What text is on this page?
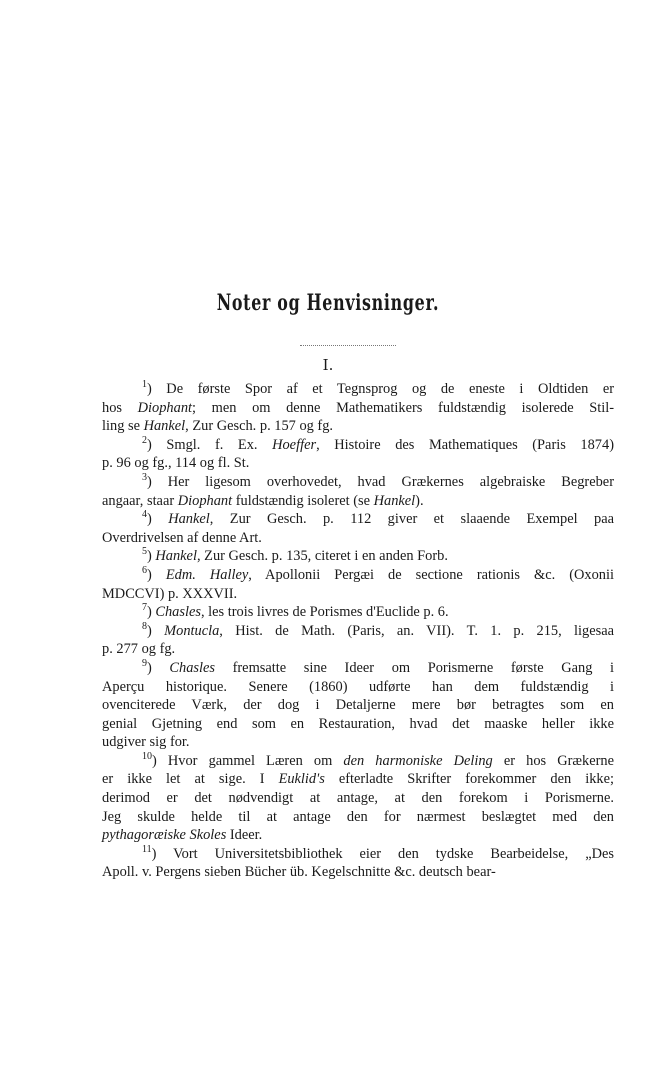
Noter og Henvisninger.
I.
$^1$) De første Spor af et Tegnsprog og de eneste i Oldtiden er
hos Diophant; men om denne Mathematikers fuldstændig isolerede Stil-
ling se Hankel, Zur Gesch. p. 157 og fg.
$^2$) Smgl. f. Ex. Hoeffer, Histoire des Mathematiques (Paris 1874)
p. 96 og fg., 114 og fl. St.
$^3$) Her ligesom overhovedet, hvad Grækernes algebraiske Begreber
angaar, staar Diophant fuldstændig isoleret (se Hankel).
$^4$) Hankel, Zur Gesch. p. 112 giver et slaaende Exempel paa
Overdrivelsen af denne Art.
$^5$) Hankel, Zur Gesch. p. 135, citeret i en anden Forb.
$^6$) Edm. Halley, Apollonii Pergæi de sectione rationis &c. (Oxonii
MDCCVI) p. XXXVII.
$^7$) Chasles, les trois livres de Porismes d'Euclide p. 6.
$^8$) Montucla, Hist. de Math. (Paris, an. VII). T. 1. p. 215, ligesaa
p. 277 og fg.
$^9$) Chasles fremsatte sine Ideer om Porismerne første Gang i
Aperçu historique. Senere (1860) udførte han dem fuldstændig i
ovenciterede Værk, der dog i Detaljerne mere bør betragtes som en
genial Gjetning end som en Restauration, hvad det maaske heller ikke
udgiver sig for.
$^{10}$) Hvor gammel Læren om den harmoniske Deling er hos Grækerne
er ikke let at sige. I Euklid's efterladte Skrifter forekommer den ikke;
derimod er det nødvendigt at antage, at den forekom i Porismerne.
Jeg skulde helde til at antage den for nærmest beslægtet med den
pythagoræiske Skoles Ideer.
$^{11}$) Vort Universitetsbibliothek eier den tydske Bearbeidelse, „Des
Apoll. v. Pergens sieben Bücher üb. Kegelschnitte &c. deutsch bear-
